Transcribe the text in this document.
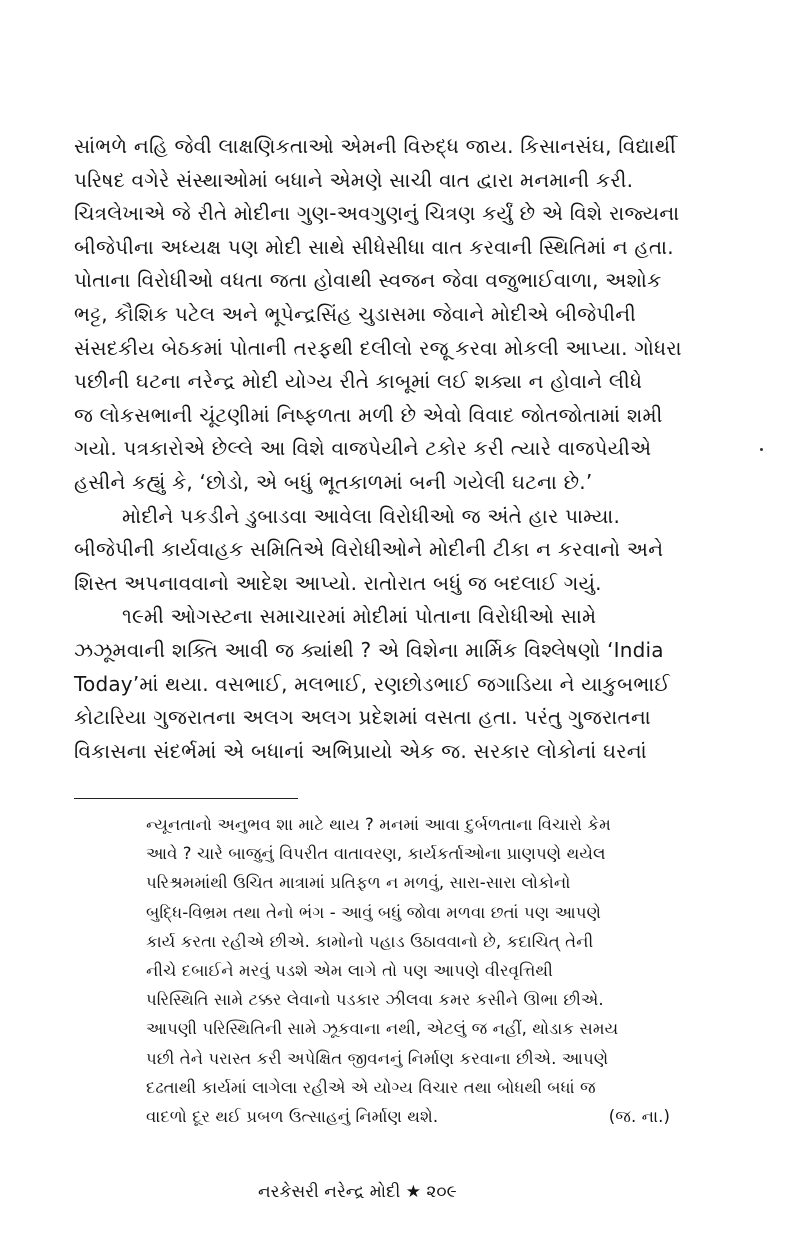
સાંભળે નહિ જેવી લાક્ષણિકતાઓ એમની વિરુદ્ધ જાય. કિસાનસંઘ, વિદ્યાર્થી
પરિષદ વગેરે સંસ્થાઓમાં બધાને એમણે સાચી વાત દ્વારા મનમાની કરી.
ચિત્રલેખાએ જે રીતે મોદીના ગુણ-અવગુણનું ચિત્રણ કર્યું છે એ વિશે રાજ્યના
બીજેપીના અધ્યક્ષ પણ મોદી સાથે સીધેસીધા વાત કરવાની સ્થિતિમાં ન હતા.
પોતાના વિરોધીઓ વધતા જતા હોવાથી સ્વજન જેવા વજુભાઈવાળા, અશોક
ભટ્ટ, કૌશિક પટેલ અને ભૂપેન્દ્રસિંહ ચુડાસમા જેવાને મોદીએ બીજેપીની
સંસદકીય બેઠકમાં પોતાની તરફથી દલીલો રજૂ કરવા મોકલી આપ્યા. ગોધરા
પછીની ઘટના નરેન્દ્ર મોદી યોગ્ય રીતે કાબૂમાં લઈ શક્યા ન હોવાને લીધે
જ લોકસભાની ચૂંટણીમાં નિષ્ફળતા મળી છે એવો વિવાદ જોતજોતામાં શમી
ગયો. પત્રકારોએ છેલ્લે આ વિશે વાજપેયીને ટકોર કરી ત્યારે વાજપેયીએ
હસીને કહ્યું કે, ‘છોડો, એ બધું ભૂતકાળમાં બની ગયેલી ઘટના છે.’
મોદીને પકડીને ડુબાડવા આવેલા વિરોધીઓ જ અંતે હાર પામ્યા.
બીજેપીની કાર્યવાહક સમિતિએ વિરોધીઓને મોદીની ટીકા ન કરવાનો અને
શિસ્ત અપનાવવાનો આદેશ આપ્યો. રાતોરાત બધું જ બદલાઈ ગયું.
૧૯મી ઓગસ્ટના સમાચારમાં મોદીમાં પોતાના વિરોધીઓ સામે
ઝઝૂમવાની શક્તિ આવી જ ક્યાંથી ? એ વિશેના માર્મિક વિશ્લેષણો ‘India
Today’માં થયા. વસભાઈ, મલભાઈ, રણછોડભાઈ જગાડિયા ને યાકુબભાઈ
કોટારિયા ગુજરાતના અલગ અલગ પ્રદેશમાં વસતા હતા. પરંતુ ગુજરાતના
વિકાસના સંદર્ભમાં એ બધાનાં અભિપ્રાયો એક જ. સરકાર લોકોનાં ઘરનાં
ન્યૂનતાનો અનુભવ શા માટે થાય ? મનમાં આવા દુર્બળતાના વિચારો કેમ
આવે ? ચારે બાજુનું વિપરીત વાતાવરણ, કાર્યકર્તાઓના પ્રાણપણે થયેલ
પરિશ્રમમાંથી ઉચિત માત્રામાં પ્રતિફળ ન મળવું, સારા-સારા લોકોનો
બુદ્ધિ-વિભ્રમ તથા તેનો ભંગ - આવું બધું જોવા મળવા છતાં પણ આપણે
કાર્ય કરતા રહીએ છીએ. કામોનો પહાડ ઉઠાવવાનો છે, કદાચિત્ તેની
નીચે દબાઈને મરવું પડશે એમ લાગે તો પણ આપણે વીરવૃત્તિથી
પરિસ્થિતિ સામે ટક્કર લેવાનો પડકાર ઝીલવા કમર કસીને ઊભા છીએ.
આપણી પરિસ્થિતિની સામે ઝૂકવાના નથી, એટલું જ નહીં, થોડાક સમય
પછી તેને પરાસ્ત કરી અપેક્ષિત જીવનનું નિર્માણ કરવાના છીએ. આપણે
દઢતાથી કાર્યમાં લાગેલા રહીએ એ યોગ્ય વિચાર તથા બોધથી બધાં જ
વાદળો દૂર થઈ પ્રબળ ઉત્સાહનું નિર્માણ થશે.	(જ. ના.)
નરકેસરી નરેન્દ્ર મોદી ★ ૨૦૯
